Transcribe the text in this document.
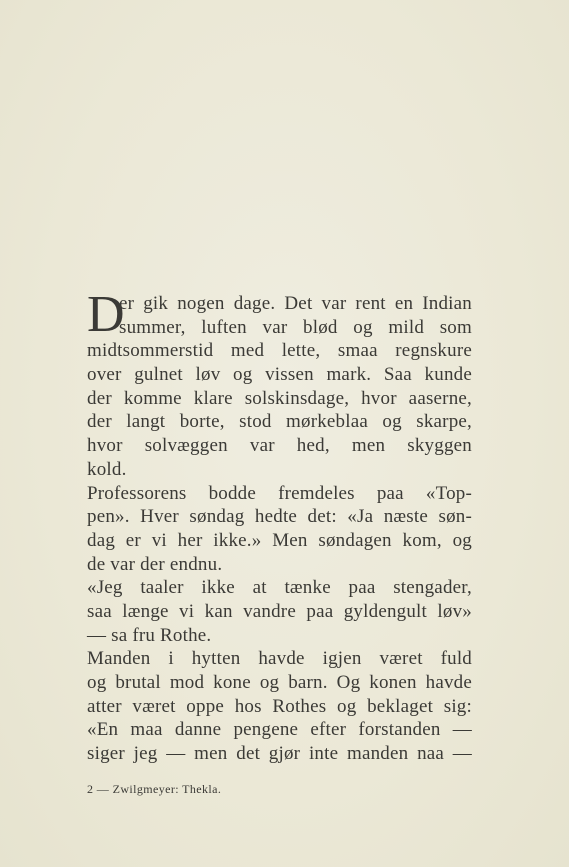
D
er gik nogen dage. Det var rent en Indian
summer, luften var blød og mild som
midtsommerstid med lette, smaa regnskure
over gulnet løv og vissen mark. Saa kunde
der komme klare solskinsdage, hvor aaserne,
der langt borte, stod mørkeblaa og skarpe,
hvor solvæggen var hed, men skyggen
kold.
Professorens bodde fremdeles paa «Top-
pen». Hver søndag hedte det: «Ja næste søn-
dag er vi her ikke.» Men søndagen kom, og
de var der endnu.
«Jeg taaler ikke at tænke paa stengader,
saa længe vi kan vandre paa gyldengult løv»
— sa fru Rothe.
Manden i hytten havde igjen været fuld
og brutal mod kone og barn. Og konen havde
atter været oppe hos Rothes og beklaget sig:
«En maa danne pengene efter forstanden —
siger jeg — men det gjør inte manden naa —
2 — Zwilgmeyer: Thekla.
